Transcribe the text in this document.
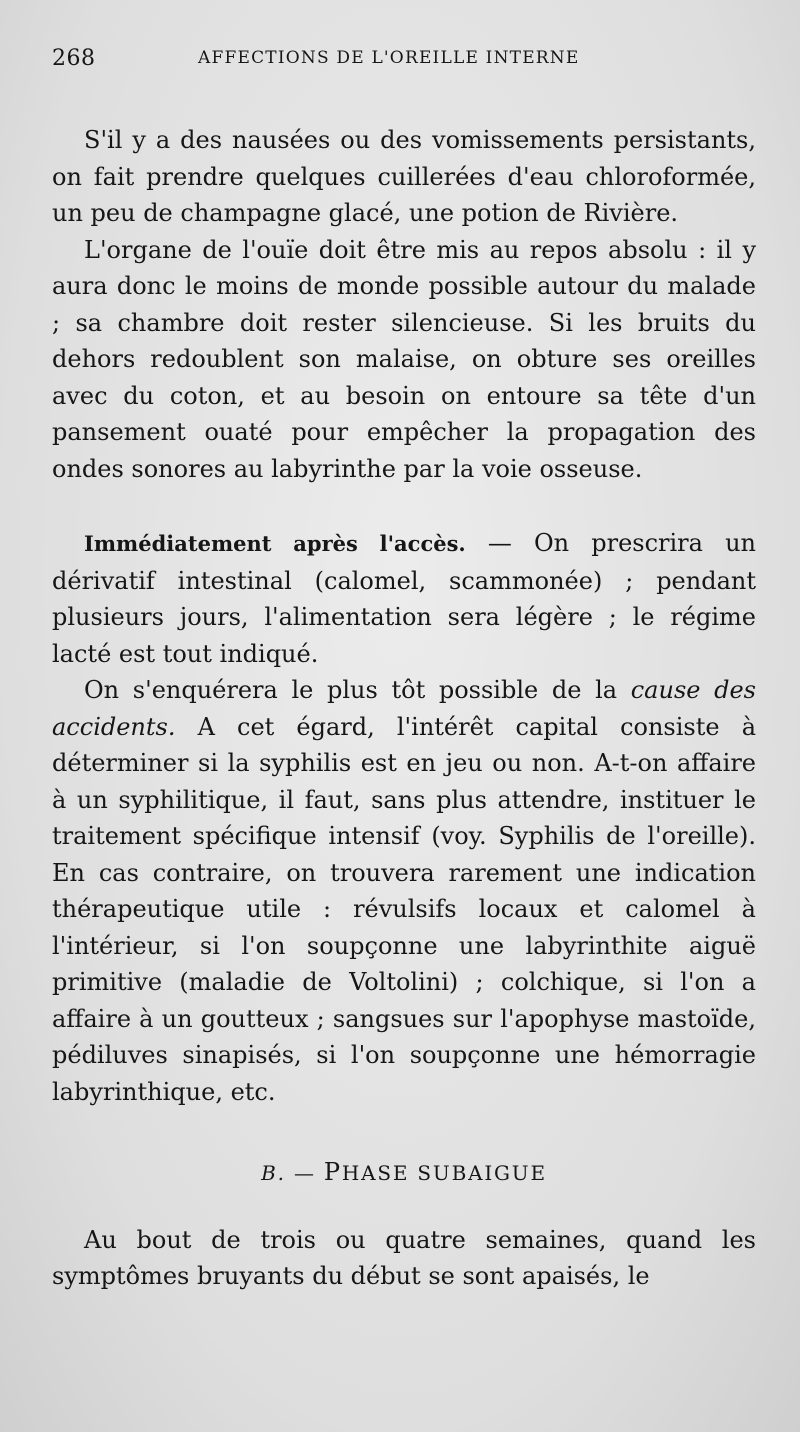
268	AFFECTIONS DE L'OREILLE INTERNE

S'il y a des nausées ou des vomissements persistants, on fait prendre quelques cuillerées d'eau chloroformée, un peu de champagne glacé, une potion de Rivière.

L'organe de l'ouïe doit être mis au repos absolu : il y aura donc le moins de monde possible autour du malade ; sa chambre doit rester silencieuse. Si les bruits du dehors redoublent son malaise, on obture ses oreilles avec du coton, et au besoin on entoure sa tête d'un pansement ouaté pour empêcher la propagation des ondes sonores au labyrinthe par la voie osseuse.

Immédiatement après l'accès. — On prescrira un dérivatif intestinal (calomel, scammonée) ; pendant plusieurs jours, l'alimentation sera légère ; le régime lacté est tout indiqué.

On s'enquérera le plus tôt possible de la cause des accidents. A cet égard, l'intérêt capital consiste à déterminer si la syphilis est en jeu ou non. A-t-on affaire à un syphilitique, il faut, sans plus attendre, instituer le traitement spécifique intensif (voy. Syphilis de l'oreille). En cas contraire, on trouvera rarement une indication thérapeutique utile : révulsifs locaux et calomel à l'intérieur, si l'on soupçonne une labyrinthite aiguë primitive (maladie de Voltolini) ; colchique, si l'on a affaire à un goutteux ; sangsues sur l'apophyse mastoïde, pédiluves sinapisés, si l'on soupçonne une hémorragie labyrinthique, etc.

B. — PHASE SUBAIGUE

Au bout de trois ou quatre semaines, quand les symptômes bruyants du début se sont apaisés, le
